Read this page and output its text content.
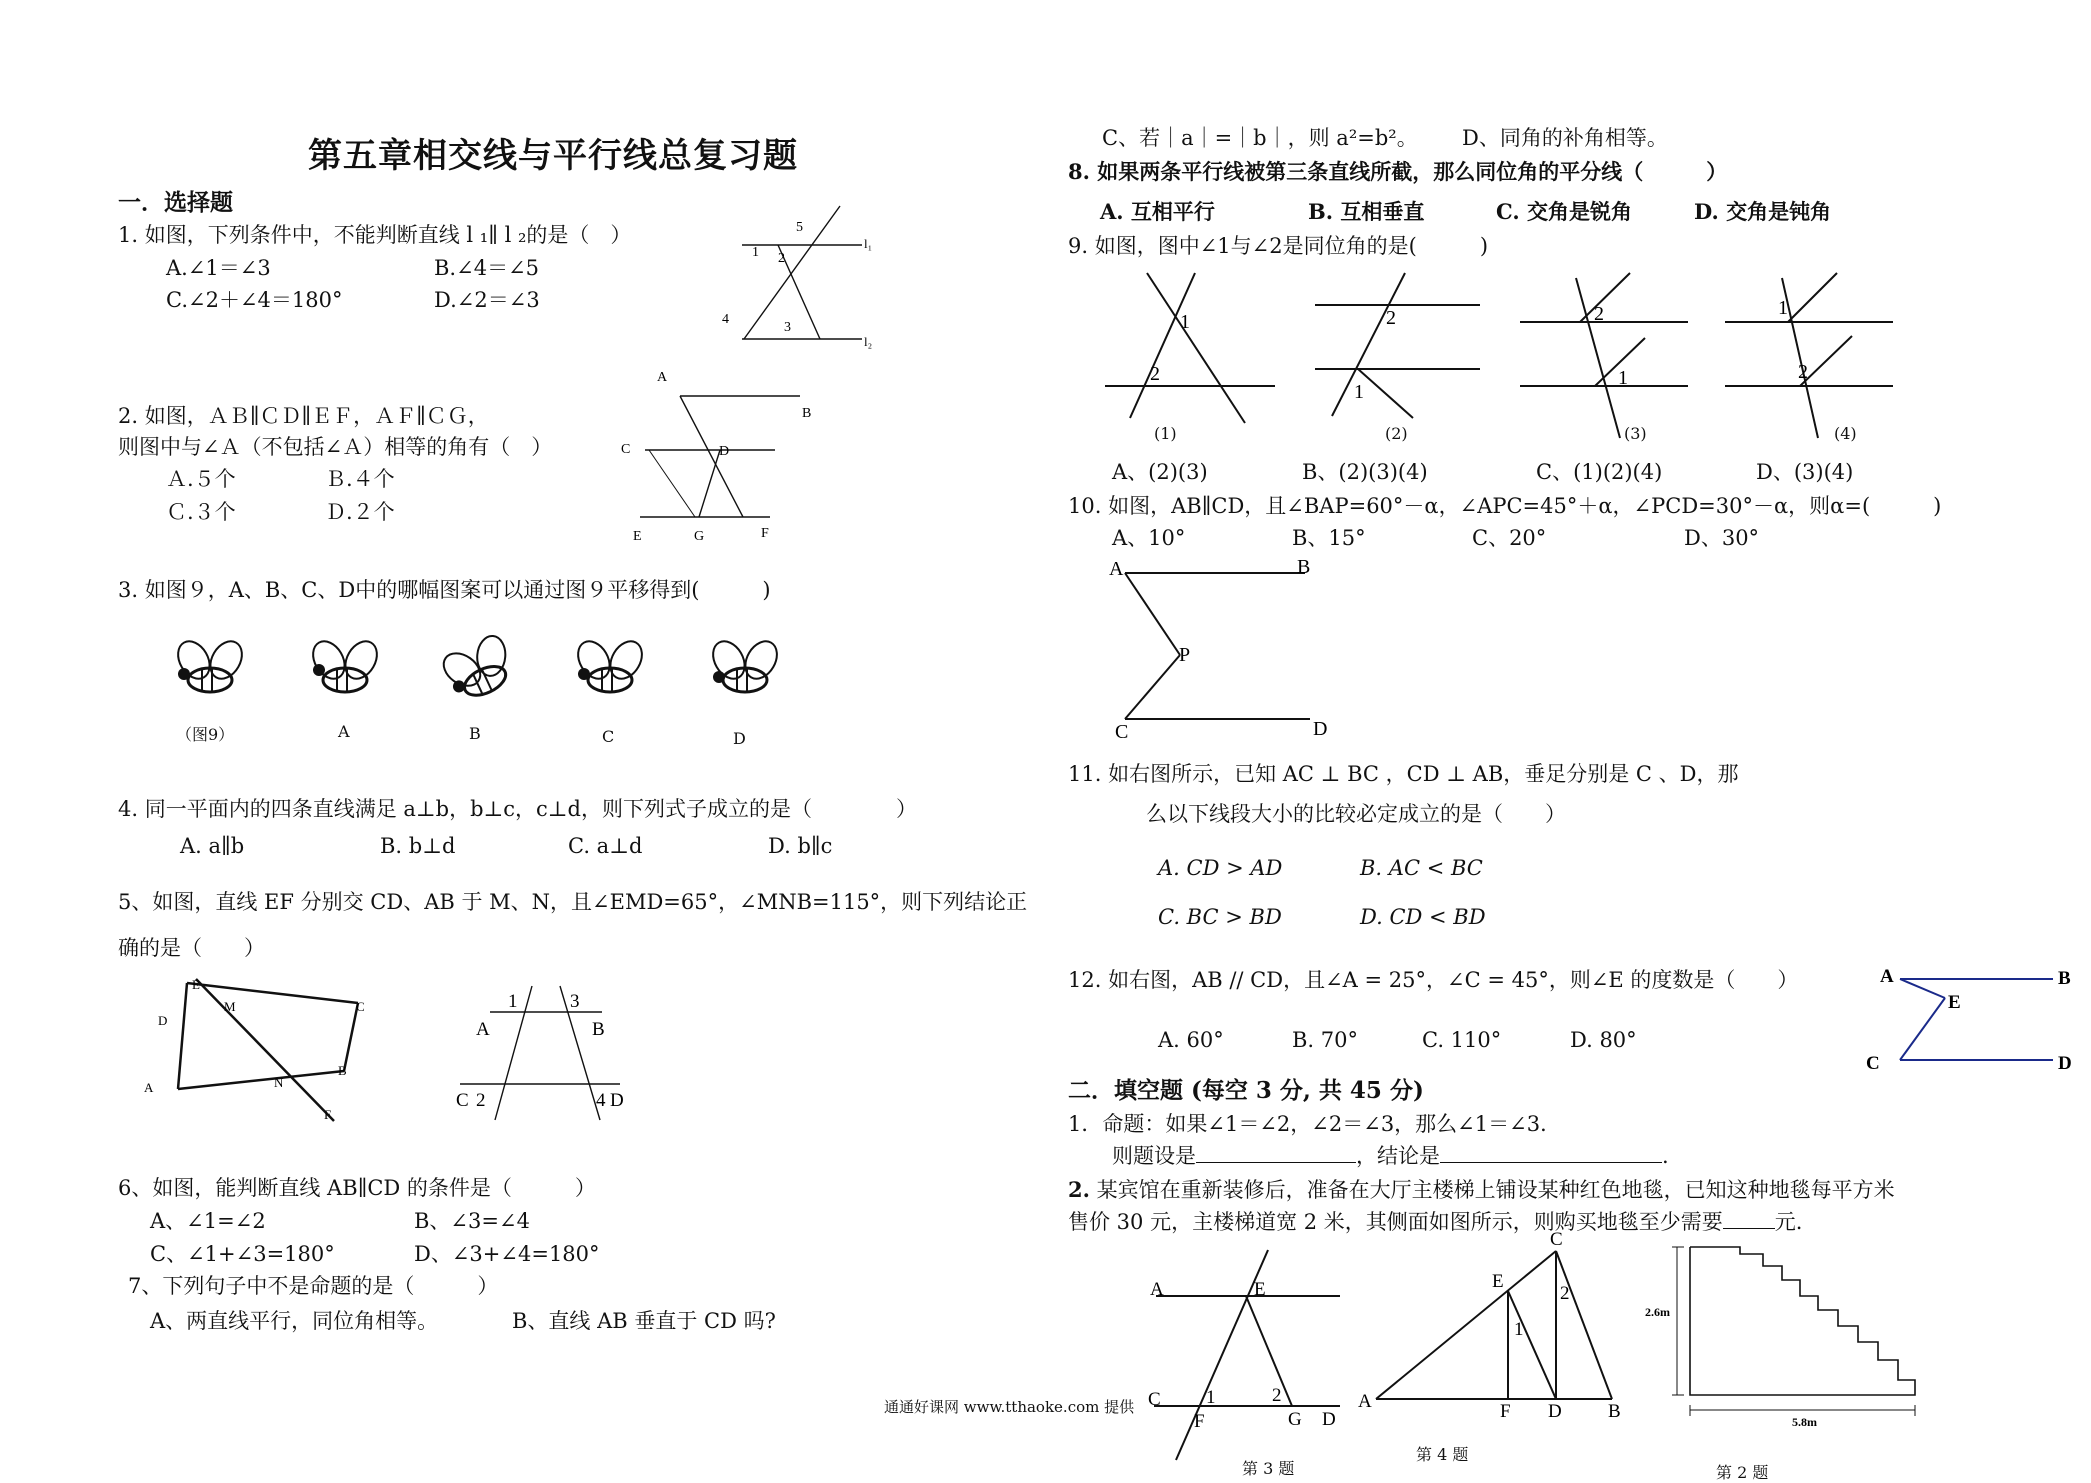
第五章相交线与平行线总复习题
一．选择题
1. 如图，下列条件中，不能判断直线 l ₁∥ l ₂的是（　）
A.∠1＝∠3	B.∠4＝∠5
C.∠2＋∠4＝180°	D.∠2＝∠3
1 2
3
4
5
l₁
l₂
2. 如图，ＡＢ∥ＣＤ∥ＥＦ，ＡＦ∥ＣＧ，
则图中与∠Ａ（不包括∠Ａ）相等的角有（　）
Ａ.５个	Ｂ.４个
Ｃ.３个	Ｄ.２个
A
B
C	D
E	G	F
3. 如图９，A、B、C、D中的哪幅图案可以通过图９平移得到(　　　)
（图9）	A	B	C	D
4. 同一平面内的四条直线满足 a⊥b，b⊥c，c⊥d，则下列式子成立的是（　　　　）
A. a∥b	B. b⊥d	C. a⊥d	D. b∥c
5、如图，直线 EF 分别交 CD、AB 于 M、N，且∠EMD=65°，∠MNB=115°，则下列结论正
确的是（　　）
E
M	C
D
A	N
B
F
1	3
A	B
C 2	4 D
6、如图，能判断直线 AB∥CD 的条件是（　　　）
A、∠1=∠2	B、∠3=∠4
C、∠1+∠3=180°	D、∠3+∠4=180°
7、下列句子中不是命题的是（　　　）
A、两直线平行，同位角相等。	B、直线 AB 垂直于 CD 吗?
C、若｜a｜=｜b｜，则 a²=b²。 D、同角的补角相等。
8. 如果两条平行线被第三条直线所截，那么同位角的平分线（　　　）
A. 互相平行	B. 互相垂直	C. 交角是锐角	D. 交角是钝角
9. 如图，图中∠1与∠2是同位角的是(　　　)
1
2
2
1
2
1
1
2
(1)	(2)	(3)	(4)
A、(2)(3)	B、(2)(3)(4)	C、(1)(2)(4)	D、(3)(4)
10. 如图，AB∥CD，且∠BAP=60°－α，∠APC=45°＋α，∠PCD=30°－α，则α=(　　　)
A、10°	B、15°	C、20°	D、30°
A	B
P
C	D
11. 如右图所示，已知 AC ⊥ BC ，CD ⊥ AB，垂足分别是 C 、D，那
么以下线段大小的比较必定成立的是（　　）
A. CD > AD	B. AC < BC
C. BC > BD	D. CD < BD
12. 如右图，AB // CD，且∠A = 25°，∠C = 45°，则∠E 的度数是（　　）
A. 60°	B. 70°	C. 110°	D. 80°
A	B
E
C	D
二．填空题 (每空 3 分, 共 45 分)
1．命题：如果∠1＝∠2，∠2＝∠3，那么∠1＝∠3．
则题设是	，结论是	.
2. 某宾馆在重新装修后，准备在大厅主楼梯上铺设某种红色地毯，已知这种地毯每平方米
售价 30 元，主楼梯道宽 2 米，其侧面如图所示，则购买地毯至少需要 元.
A	E
C 1	2
G D
F
第 3 题
C
E
2
1
A	F D B
第 4 题
2.6m
5.8m
第 2 题
通通好课网 www.tthaoke.com 提供
